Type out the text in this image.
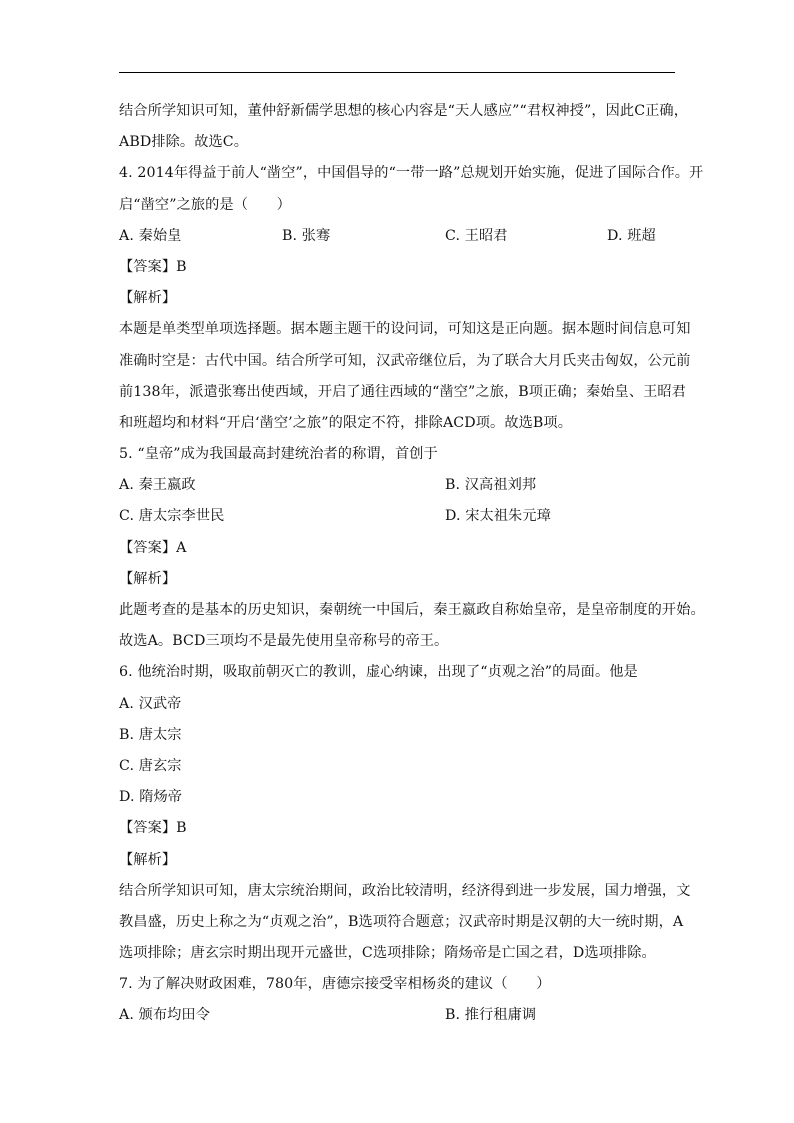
结合所学知识可知，董仲舒新儒学思想的核心内容是“天人感应”“君权神授”，因此C正确，
ABD排除。故选C。
4. 2014年得益于前人“凿空”，中国倡导的“一带一路”总规划开始实施，促进了国际合作。开
启“凿空”之旅的是（　　）
A. 秦始皇	B. 张骞	C. 王昭君	D. 班超
【答案】B
【解析】
本题是单类型单项选择题。据本题主题干的设问词，可知这是正向题。据本题时间信息可知
准确时空是：古代中国。结合所学可知，汉武帝继位后，为了联合大月氏夹击匈奴，公元前
前138年，派遣张骞出使西域，开启了通往西域的“凿空”之旅，B项正确；秦始皇、王昭君
和班超均和材料“开启‘凿空’之旅”的限定不符，排除ACD项。故选B项。
5. “皇帝”成为我国最高封建统治者的称谓，首创于
A. 秦王嬴政	B. 汉高祖刘邦
C. 唐太宗李世民	D. 宋太祖朱元璋
【答案】A
【解析】
此题考查的是基本的历史知识，秦朝统一中国后，秦王嬴政自称始皇帝，是皇帝制度的开始。
故选A。BCD三项均不是最先使用皇帝称号的帝王。
6. 他统治时期，吸取前朝灭亡的教训，虚心纳谏，出现了“贞观之治”的局面。他是
A. 汉武帝
B. 唐太宗
C. 唐玄宗
D. 隋炀帝
【答案】B
【解析】
结合所学知识可知，唐太宗统治期间，政治比较清明，经济得到进一步发展，国力增强，文
教昌盛，历史上称之为“贞观之治”，B选项符合题意；汉武帝时期是汉朝的大一统时期，A
选项排除；唐玄宗时期出现开元盛世，C选项排除；隋炀帝是亡国之君，D选项排除。
7. 为了解决财政困难，780年，唐德宗接受宰相杨炎的建议（　　）
A. 颁布均田令	B. 推行租庸调
